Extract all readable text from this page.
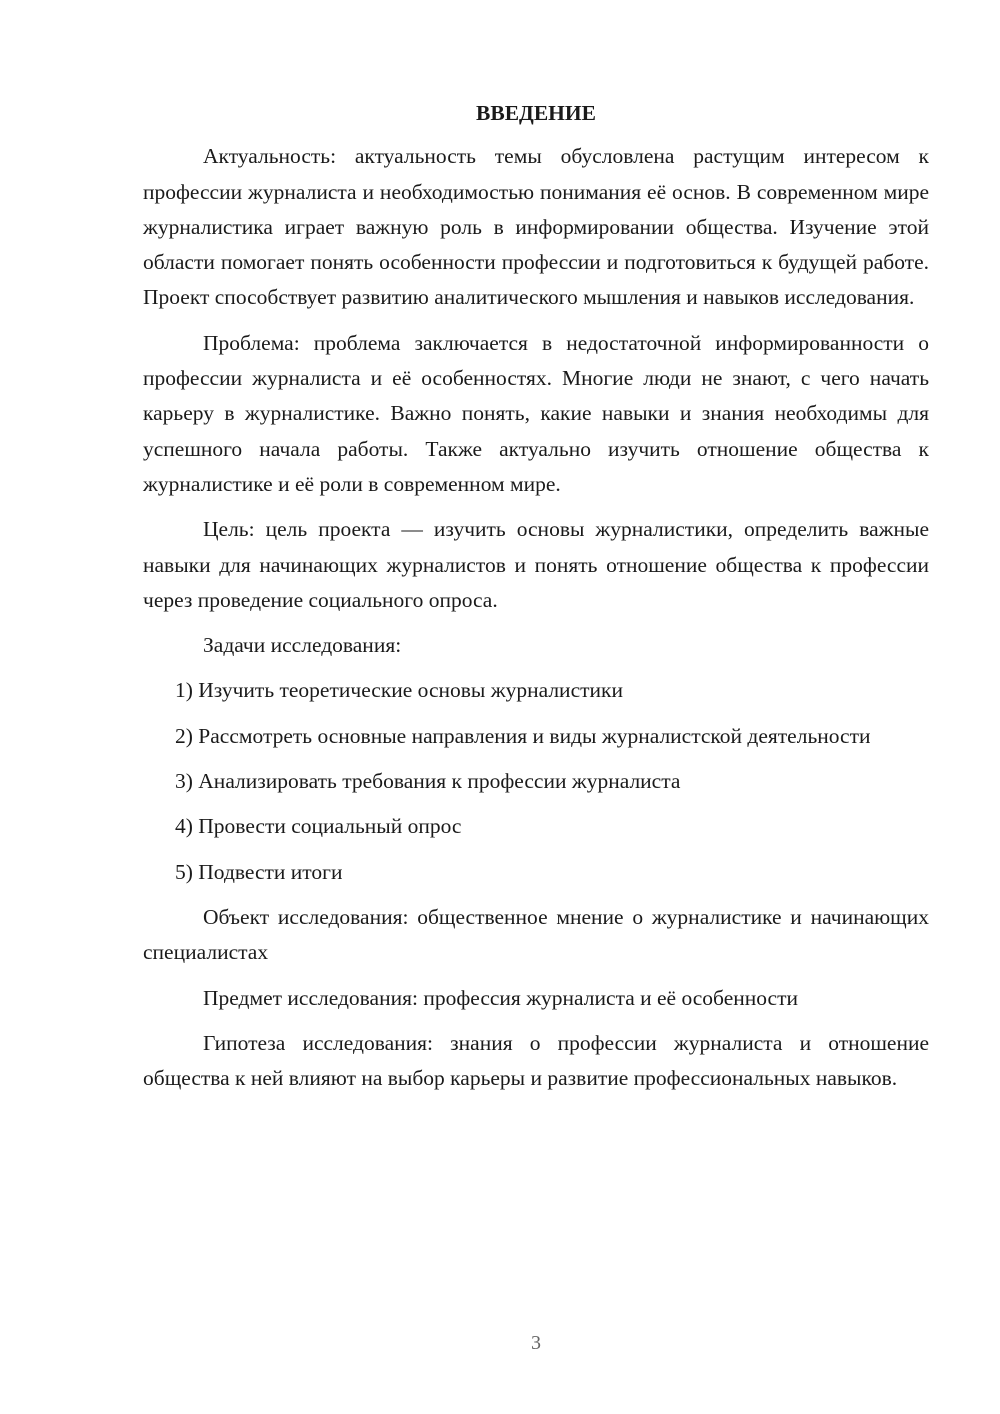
ВВЕДЕНИЕ

Актуальность: актуальность темы обусловлена растущим интересом к профессии журналиста и необходимостью понимания её основ. В современном мире журналистика играет важную роль в информировании общества. Изучение этой области помогает понять особенности профессии и подготовиться к будущей работе. Проект способствует развитию аналитического мышления и навыков исследования.

Проблема: проблема заключается в недостаточной информированности о профессии журналиста и её особенностях. Многие люди не знают, с чего начать карьеру в журналистике. Важно понять, какие навыки и знания необходимы для успешного начала работы. Также актуально изучить отношение общества к журналистике и её роли в современном мире.

Цель: цель проекта — изучить основы журналистики, определить важные навыки для начинающих журналистов и понять отношение общества к профессии через проведение социального опроса.

Задачи исследования:

1) Изучить теоретические основы журналистики

2) Рассмотреть основные направления и виды журналистской деятельности

3) Анализировать требования к профессии журналиста

4) Провести социальный опрос

5) Подвести итоги

Объект исследования: общественное мнение о журналистике и начинающих специалистах

Предмет исследования: профессия журналиста и её особенности

Гипотеза исследования: знания о профессии журналиста и отношение общества к ней влияют на выбор карьеры и развитие профессиональных навыков.

3
